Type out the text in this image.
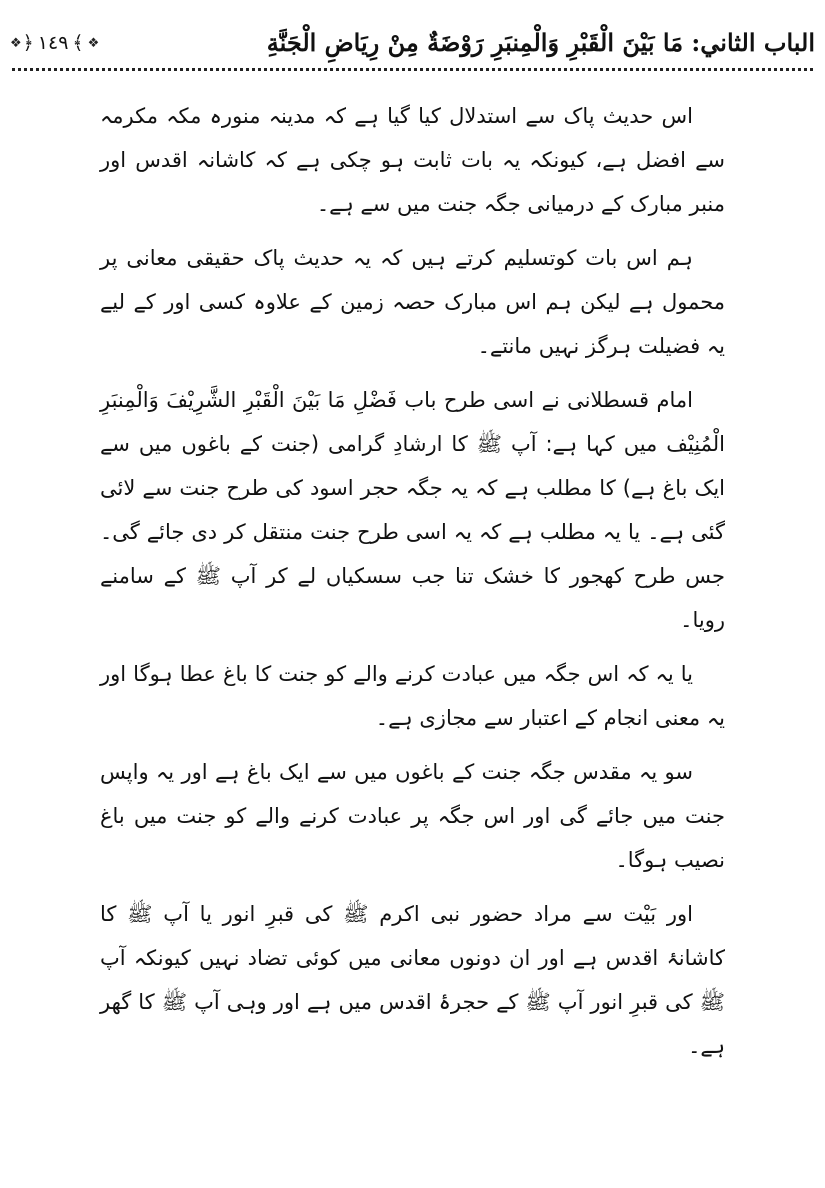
الباب الثاني: مَا بَيْنَ الْقَبْرِ وَالْمِنبَرِ رَوْضَةٌ مِنْ رِيَاضِ الْجَنَّةِ
❖
﴾
١٤٩
﴿
❖

اس حدیث پاک سے استدلال کیا گیا ہے کہ مدینہ منورہ مکہ مکرمہ سے افضل ہے، کیونکہ یہ بات ثابت ہو چکی ہے کہ کاشانہ اقدس اور منبر مبارک کے درمیانی جگہ جنت میں سے ہے۔

ہم اس بات کوتسلیم کرتے ہیں کہ یہ حدیث پاک حقیقی معانی پر محمول ہے لیکن ہم اس مبارک حصہ زمین کے علاوہ کسی اور کے لیے یہ فضیلت ہرگز نہیں مانتے۔

امام قسطلانی نے اسی طرح باب فَضْلِ مَا بَيْنَ الْقَبْرِ الشَّرِيْفَ وَالْمِنبَرِ الْمُنِيْف میں کہا ہے: آپ ﷺ کا ارشادِ گرامی (جنت کے باغوں میں سے ایک باغ ہے) کا مطلب ہے کہ یہ جگہ حجر اسود کی طرح جنت سے لائی گئی ہے۔ یا یہ مطلب ہے کہ یہ اسی طرح جنت منتقل کر دی جائے گی۔ جس طرح کھجور کا خشک تنا جب سسکیاں لے کر آپ ﷺ کے سامنے رویا۔

یا یہ کہ اس جگہ میں عبادت کرنے والے کو جنت کا باغ عطا ہوگا اور یہ معنی انجام کے اعتبار سے مجازی ہے۔

سو یہ مقدس جگہ جنت کے باغوں میں سے ایک باغ ہے اور یہ واپس جنت میں جائے گی اور اس جگہ پر عبادت کرنے والے کو جنت میں باغ نصیب ہوگا۔

اور بَیْت سے مراد حضور نبی اکرم ﷺ کی قبرِ انور یا آپ ﷺ کا کاشانۂ اقدس ہے اور ان دونوں معانی میں کوئی تضاد نہیں کیونکہ آپ ﷺ کی قبرِ انور آپ ﷺ کے حجرۂ اقدس میں ہے اور وہی آپ ﷺ کا گھر ہے۔
